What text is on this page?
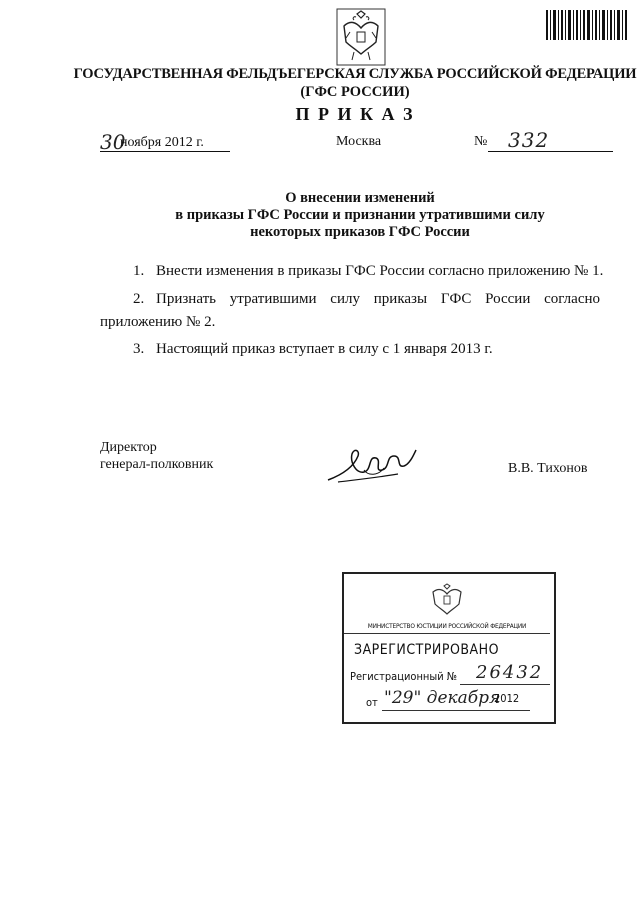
ГОСУДАРСТВЕННАЯ ФЕЛЬДЪЕГЕРСКАЯ СЛУЖБА РОССИЙСКОЙ ФЕДЕРАЦИИ
(ГФС РОССИИ)
П Р И К А З
30
ноября 2012 г.	Москва	№ 332
О внесении изменений
в приказы ГФС России и признании утратившими силу
некоторых приказов ГФС России
1. Внести изменения в приказы ГФС России согласно приложению № 1.
2. Признать утратившими силу приказы ГФС России согласно
приложению № 2.
3. Настоящий приказ вступает в силу с 1 января 2013 г.
Директор
генерал-полковник	В.В. Тихонов
МИНИСТЕРСТВО ЮСТИЦИИ РОССИЙСКОЙ ФЕДЕРАЦИИ
ЗАРЕГИСТРИРОВАНО
Регистрационный № 26432
от "29" декабря
2012
